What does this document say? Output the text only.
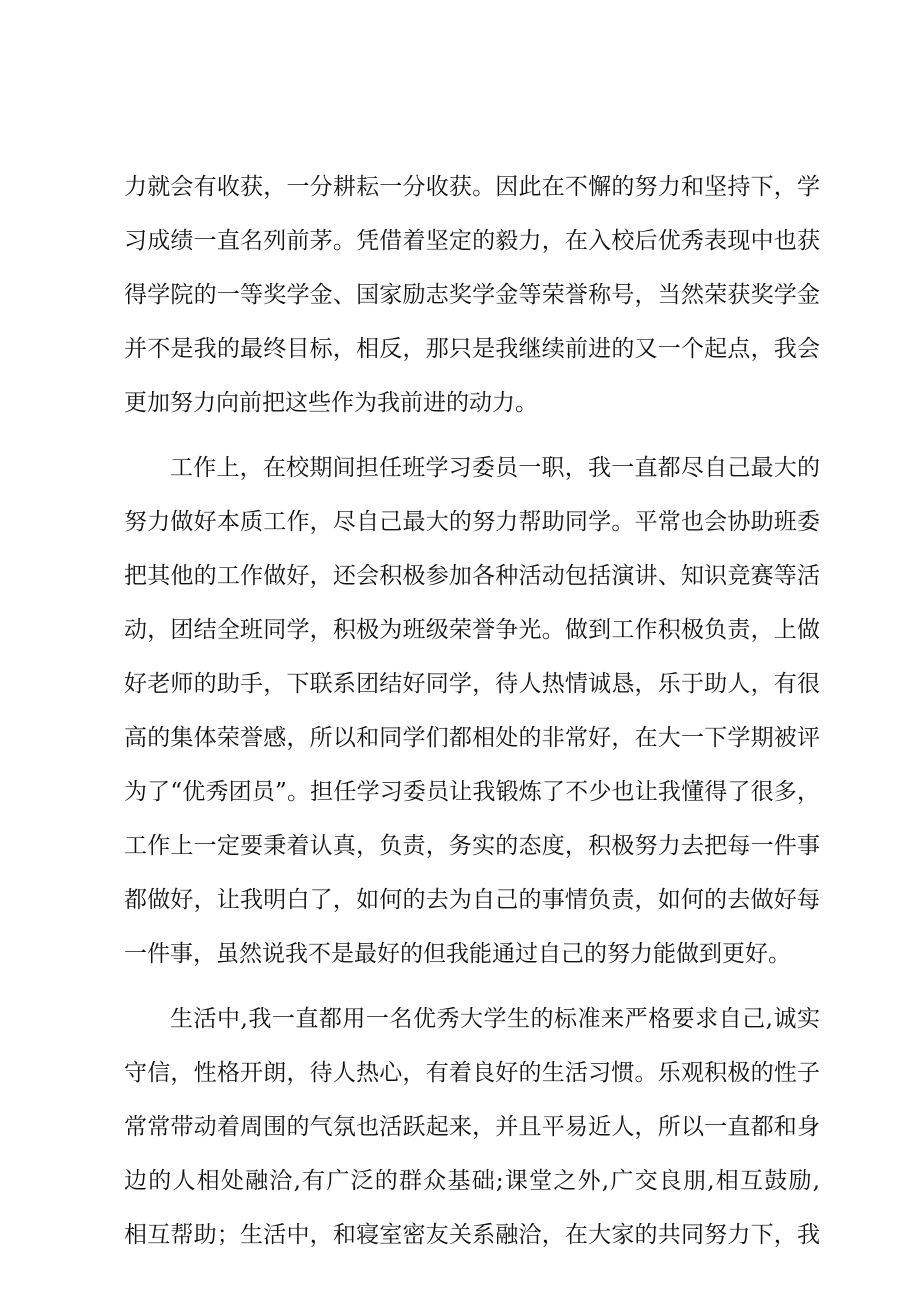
力就会有收获，一分耕耘一分收获。因此在不懈的努力和坚持下，学
习成绩一直名列前茅。凭借着坚定的毅力，在入校后优秀表现中也获
得学院的一等奖学金、国家励志奖学金等荣誉称号，当然荣获奖学金
并不是我的最终目标，相反，那只是我继续前进的又一个起点，我会
更加努力向前把这些作为我前进的动力。
工作上，在校期间担任班学习委员一职，我一直都尽自己最大的
努力做好本质工作，尽自己最大的努力帮助同学。平常也会协助班委
把其他的工作做好，还会积极参加各种活动包括演讲、知识竞赛等活
动，团结全班同学，积极为班级荣誉争光。做到工作积极负责，上做
好老师的助手，下联系团结好同学，待人热情诚恳，乐于助人，有很
高的集体荣誉感，所以和同学们都相处的非常好，在大一下学期被评
为了“优秀团员”。担任学习委员让我锻炼了不少也让我懂得了很多，
工作上一定要秉着认真，负责，务实的态度，积极努力去把每一件事
都做好，让我明白了，如何的去为自己的事情负责，如何的去做好每
一件事，虽然说我不是最好的但我能通过自己的努力能做到更好。
生活中,我一直都用一名优秀大学生的标准来严格要求自己,诚实
守信，性格开朗，待人热心，有着良好的生活习惯。乐观积极的性子
常常带动着周围的气氛也活跃起来，并且平易近人，所以一直都和身
边的人相处融洽,有广泛的群众基础;课堂之外,广交良朋,相互鼓励,
相互帮助；生活中，和寝室密友关系融洽，在大家的共同努力下，我
